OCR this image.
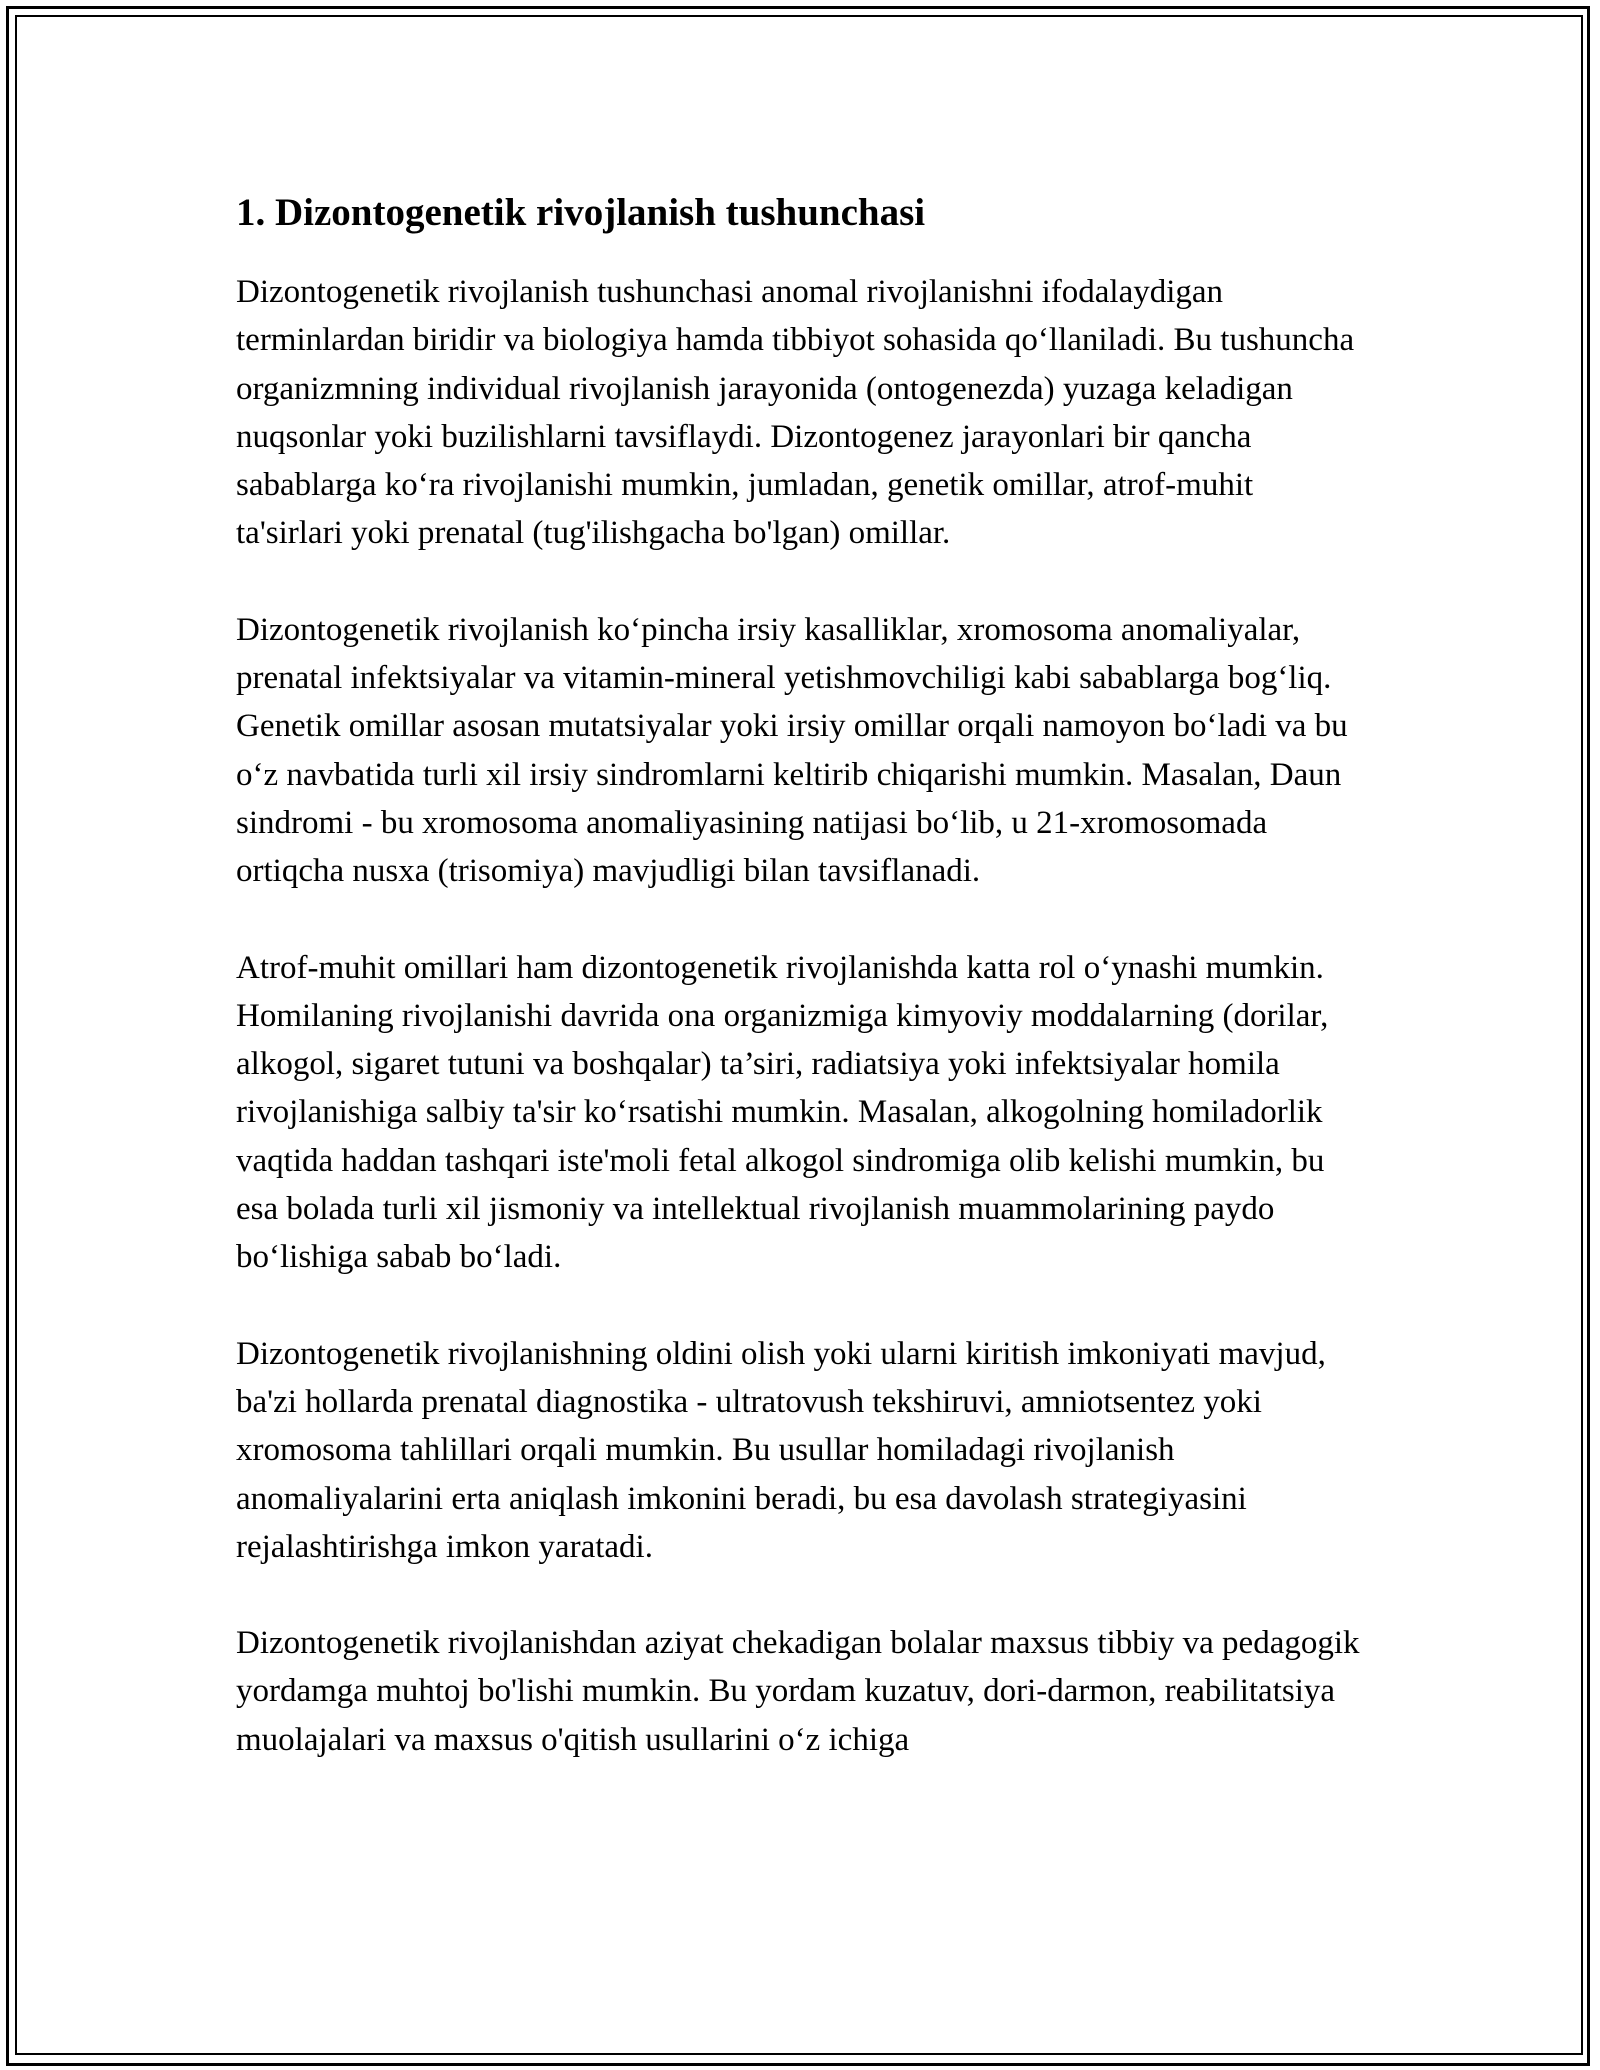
1. Dizontogenetik rivojlanish tushunchasi

Dizontogenetik rivojlanish tushunchasi anomal rivojlanishni ifodalaydigan terminlardan biridir va biologiya hamda tibbiyot sohasida qo‘llaniladi. Bu tushuncha organizmning individual rivojlanish jarayonida (ontogenezda) yuzaga keladigan nuqsonlar yoki buzilishlarni tavsiflaydi. Dizontogenez jarayonlari bir qancha sabablarga ko‘ra rivojlanishi mumkin, jumladan, genetik omillar, atrof-muhit ta'sirlari yoki prenatal (tug'ilishgacha bo'lgan) omillar.

Dizontogenetik rivojlanish ko‘pincha irsiy kasalliklar, xromosoma anomaliyalar, prenatal infektsiyalar va vitamin-mineral yetishmovchiligi kabi sabablarga bog‘liq. Genetik omillar asosan mutatsiyalar yoki irsiy omillar orqali namoyon bo‘ladi va bu o‘z navbatida turli xil irsiy sindromlarni keltirib chiqarishi mumkin. Masalan, Daun sindromi - bu xromosoma anomaliyasining natijasi bo‘lib, u 21-xromosomada ortiqcha nusxa (trisomiya) mavjudligi bilan tavsiflanadi.

Atrof-muhit omillari ham dizontogenetik rivojlanishda katta rol o‘ynashi mumkin. Homilaning rivojlanishi davrida ona organizmiga kimyoviy moddalarning (dorilar, alkogol, sigaret tutuni va boshqalar) ta’siri, radiatsiya yoki infektsiyalar homila rivojlanishiga salbiy ta'sir ko‘rsatishi mumkin. Masalan, alkogolning homiladorlik vaqtida haddan tashqari iste'moli fetal alkogol sindromiga olib kelishi mumkin, bu esa bolada turli xil jismoniy va intellektual rivojlanish muammolarining paydo bo‘lishiga sabab bo‘ladi.

Dizontogenetik rivojlanishning oldini olish yoki ularni kiritish imkoniyati mavjud, ba'zi hollarda prenatal diagnostika - ultratovush tekshiruvi, amniotsentez yoki xromosoma tahlillari orqali mumkin. Bu usullar homiladagi rivojlanish anomaliyalarini erta aniqlash imkonini beradi, bu esa davolash strategiyasini rejalashtirishga imkon yaratadi.

Dizontogenetik rivojlanishdan aziyat chekadigan bolalar maxsus tibbiy va pedagogik yordamga muhtoj bo'lishi mumkin. Bu yordam kuzatuv, dori-darmon, reabilitatsiya muolajalari va maxsus o'qitish usullarini o‘z ichiga
